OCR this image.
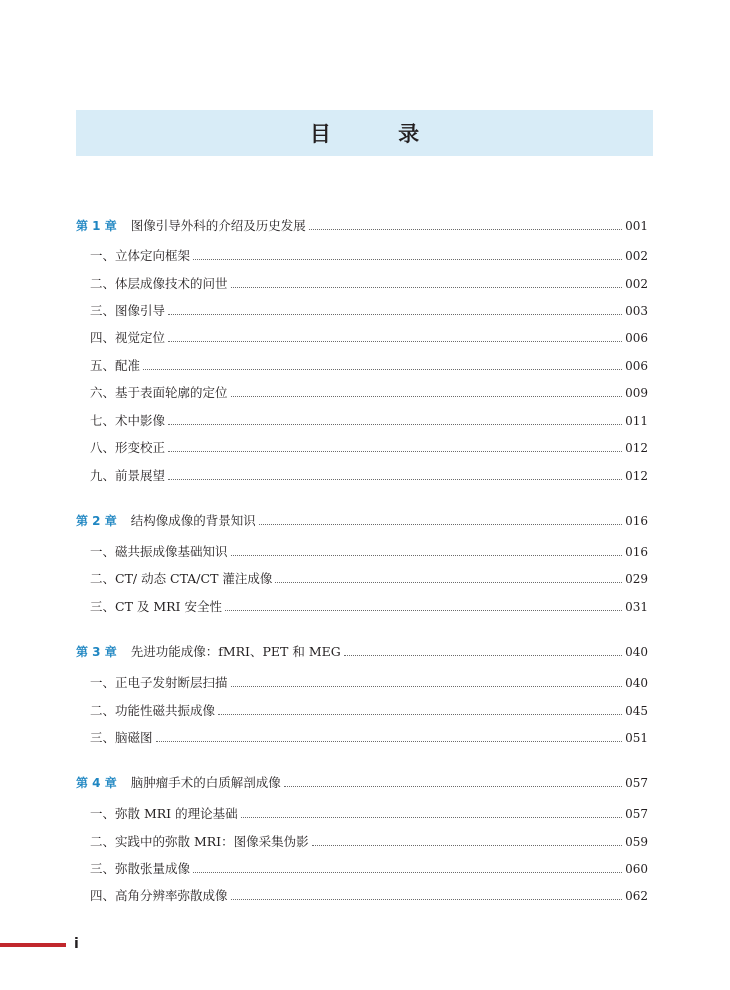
目 录
第 1 章 图像引导外科的介绍及历史发展	001
一、立体定向框架	002
二、体层成像技术的问世	002
三、图像引导	003
四、视觉定位	006
五、配准	006
六、基于表面轮廓的定位	009
七、术中影像	011
八、形变校正	012
九、前景展望	012
第 2 章 结构像成像的背景知识	016
一、磁共振成像基础知识	016
二、CT/ 动态 CTA/CT 灌注成像	029
三、CT 及 MRI 安全性	031
第 3 章 先进功能成像：fMRI、PET 和 MEG	040
一、正电子发射断层扫描	040
二、功能性磁共振成像	045
三、脑磁图	051
第 4 章 脑肿瘤手术的白质解剖成像	057
一、弥散 MRI 的理论基础	057
二、实践中的弥散 MRI：图像采集伪影	059
三、弥散张量成像	060
四、高角分辨率弥散成像	062
i
